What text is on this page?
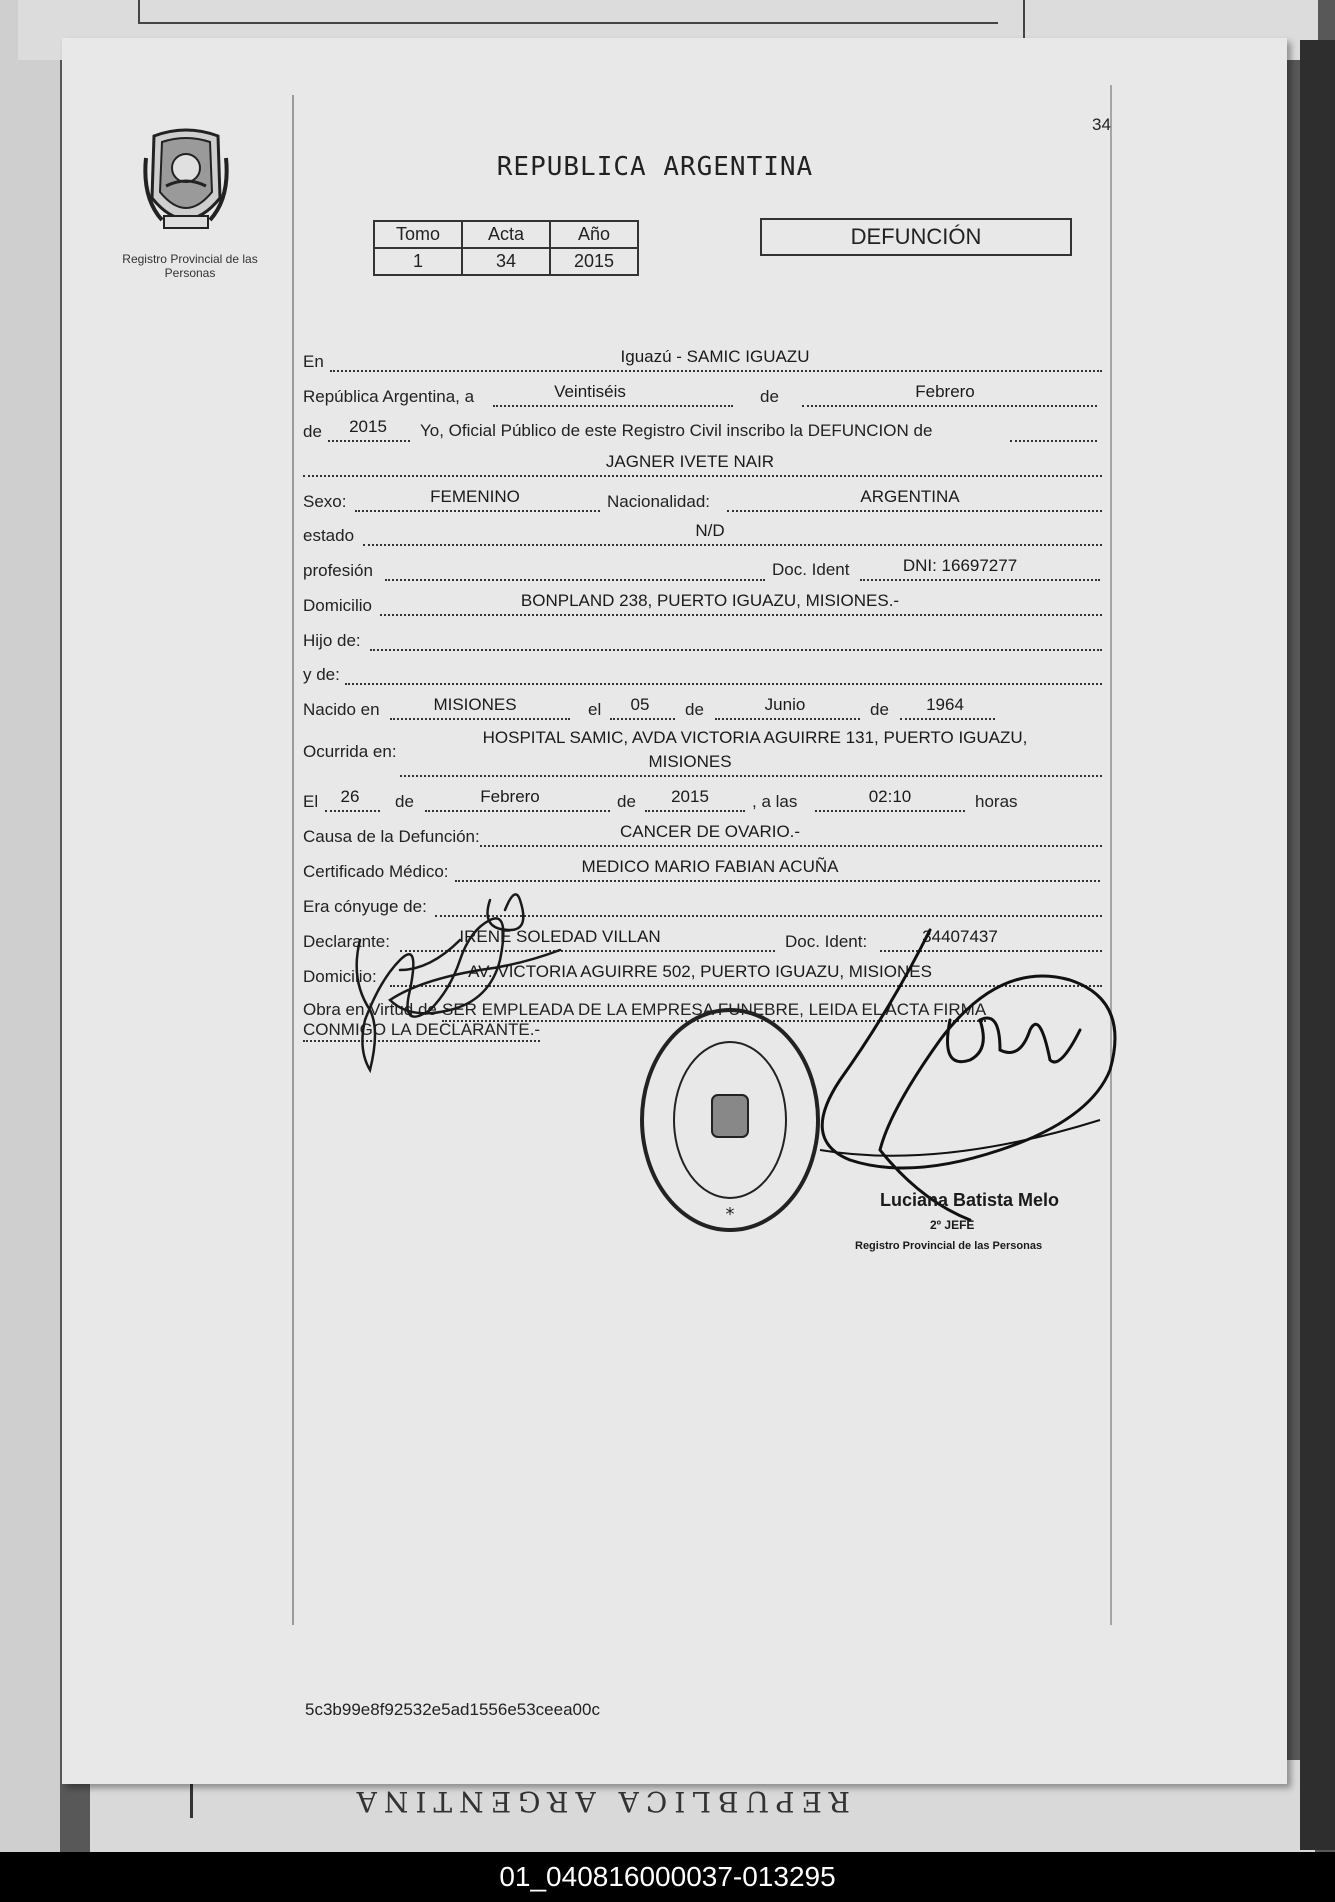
REPUBLICA ARGENTINA
Registro Provincial de las Personas
34
REPUBLICA ARGENTINA
Tomo	Acta	Año
1	34	2015
DEFUNCIÓN
En	Iguazú - SAMIC IGUAZU
República Argentina, a	Veintiséis	de	Febrero
de	2015	Yo, Oficial Público de este Registro Civil inscribo la DEFUNCION de
JAGNER IVETE NAIR
Sexo:	FEMENINO	Nacionalidad:	ARGENTINA
estado	N/D
profesión	Doc. Ident	DNI: 16697277
Domicilio	BONPLAND 238, PUERTO IGUAZU, MISIONES.-
Hijo de:
y de:
Nacido en	MISIONES	el	05	de	Junio	de	1964
Ocurrida en:
HOSPITAL SAMIC, AVDA VICTORIA AGUIRRE 131, PUERTO IGUAZU,
MISIONES
El	26	de	Febrero	de	2015	, a las	02:10	horas
Causa de la Defunción:	CANCER DE OVARIO.-
Certificado Médico:	MEDICO MARIO FABIAN ACUÑA
Era cónyuge de:
Declarante:	IRENE SOLEDAD VILLAN	Doc. Ident:	34407437
Domicilio:	AV. VICTORIA AGUIRRE 502, PUERTO IGUAZU, MISIONES
Obra en Virtud de SER EMPLEADA DE LA EMPRESA FUNEBRE, LEIDA EL ACTA FIRMA
CONMIGO LA DECLARANTE.-
*
Luciana Batista Melo
2º JEFE
Registro Provincial de las Personas
5c3b99e8f92532e5ad1556e53ceea00c
01_040816000037-013295
